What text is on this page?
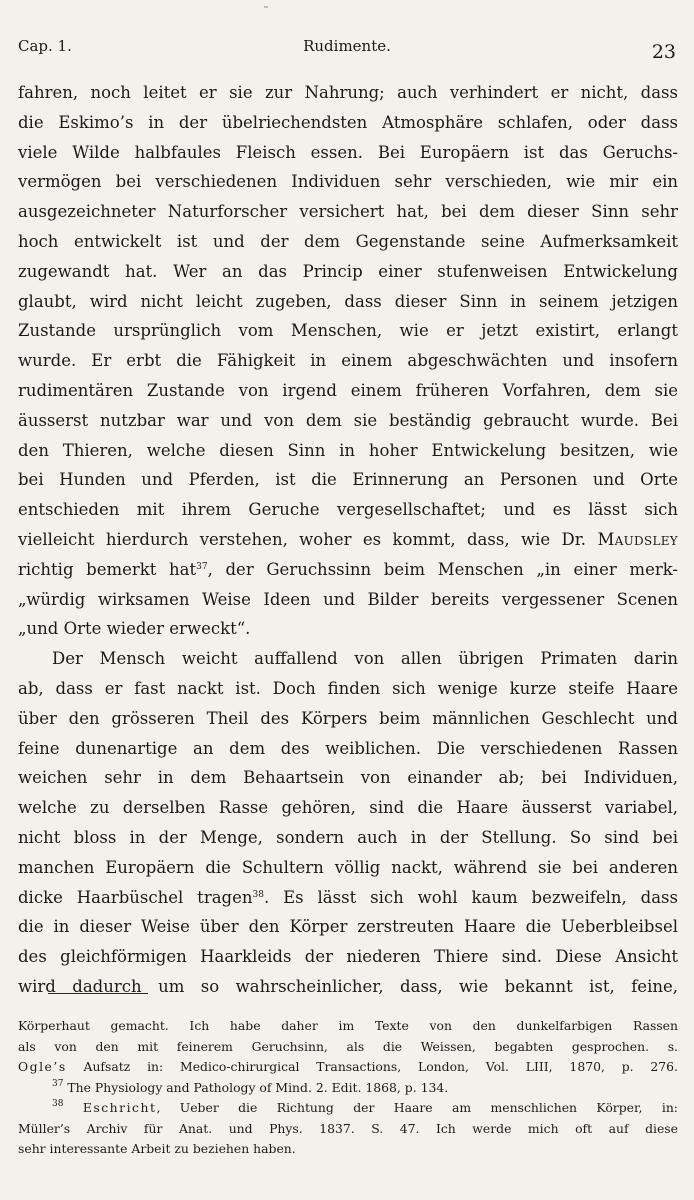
Cap. 1.	Rudimente.	23
fahren, noch leitet er sie zur Nahrung; auch verhindert er nicht, dass
die Eskimo’s in der übelriechendsten Atmosphäre schlafen, oder dass
viele Wilde halbfaules Fleisch essen. Bei Europäern ist das Geruchs-
vermögen bei verschiedenen Individuen sehr verschieden, wie mir ein
ausgezeichneter Naturforscher versichert hat, bei dem dieser Sinn sehr
hoch entwickelt ist und der dem Gegenstande seine Aufmerksamkeit
zugewandt hat. Wer an das Princip einer stufenweisen Entwickelung
glaubt, wird nicht leicht zugeben, dass dieser Sinn in seinem jetzigen
Zustande ursprünglich vom Menschen, wie er jetzt existirt, erlangt
wurde. Er erbt die Fähigkeit in einem abgeschwächten und insofern
rudimentären Zustande von irgend einem früheren Vorfahren, dem sie
äusserst nutzbar war und von dem sie beständig gebraucht wurde. Bei
den Thieren, welche diesen Sinn in hoher Entwickelung besitzen, wie
bei Hunden und Pferden, ist die Erinnerung an Personen und Orte
entschieden mit ihrem Geruche vergesellschaftet; und es lässt sich
vielleicht hierdurch verstehen, woher es kommt, dass, wie Dr. Maudsley
richtig bemerkt hat$^{37}$, der Geruchssinn beim Menschen „in einer merk-
„würdig wirksamen Weise Ideen und Bilder bereits vergessener Scenen
„und Orte wieder erweckt“.
Der Mensch weicht auffallend von allen übrigen Primaten darin
ab, dass er fast nackt ist. Doch finden sich wenige kurze steife Haare
über den grösseren Theil des Körpers beim männlichen Geschlecht und
feine dunenartige an dem des weiblichen. Die verschiedenen Rassen
weichen sehr in dem Behaartsein von einander ab; bei Individuen,
welche zu derselben Rasse gehören, sind die Haare äusserst variabel,
nicht bloss in der Menge, sondern auch in der Stellung. So sind bei
manchen Europäern die Schultern völlig nackt, während sie bei anderen
dicke Haarbüschel tragen$^{38}$. Es lässt sich wohl kaum bezweifeln, dass
die in dieser Weise über den Körper zerstreuten Haare die Ueberbleibsel
des gleichförmigen Haarkleids der niederen Thiere sind. Diese Ansicht
wird dadurch um so wahrscheinlicher, dass, wie bekannt ist, feine,
Körperhaut gemacht. Ich habe daher im Texte von den dunkelfarbigen Rassen
als von den mit feinerem Geruchsinn, als die Weissen, begabten gesprochen. s.
Ogle’s Aufsatz in: Medico-chirurgical Transactions, London, Vol. LIII, 1870, p. 276.
$^{37}$ The Physiology and Pathology of Mind. 2. Edit. 1868, p. 134.
$^{38}$ Eschricht, Ueber die Richtung der Haare am menschlichen Körper, in:
Müller’s Archiv für Anat. und Phys. 1837. S. 47. Ich werde mich oft auf diese
sehr interessante Arbeit zu beziehen haben.
